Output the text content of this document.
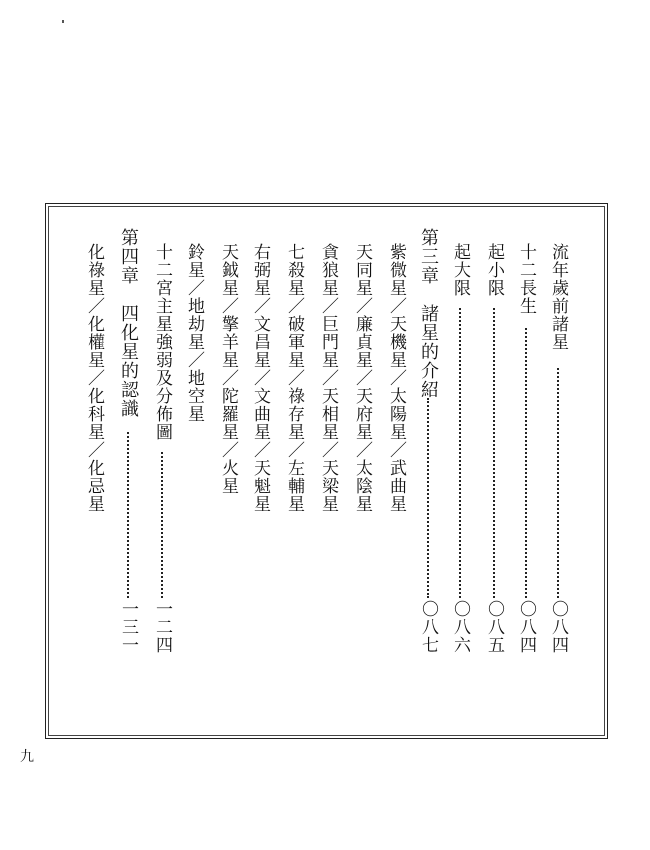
流年歲前諸星
〇八四
十二長生
〇八四
起小限
〇八五
起大限
〇八六
第三章　諸星的介紹
〇八七
紫微星／天機星／太陽星／武曲星
天同星／廉貞星／天府星／太陰星
貪狼星／巨門星／天相星／天梁星
七殺星／破軍星／祿存星／左輔星
右弼星／文昌星／文曲星／天魁星
天鉞星／擎羊星／陀羅星／火星
鈴星／地劫星／地空星
十二宮主星強弱及分佈圖
一二四
第四章　四化星的認識
一三一
化祿星／化權星／化科星／化忌星
九
